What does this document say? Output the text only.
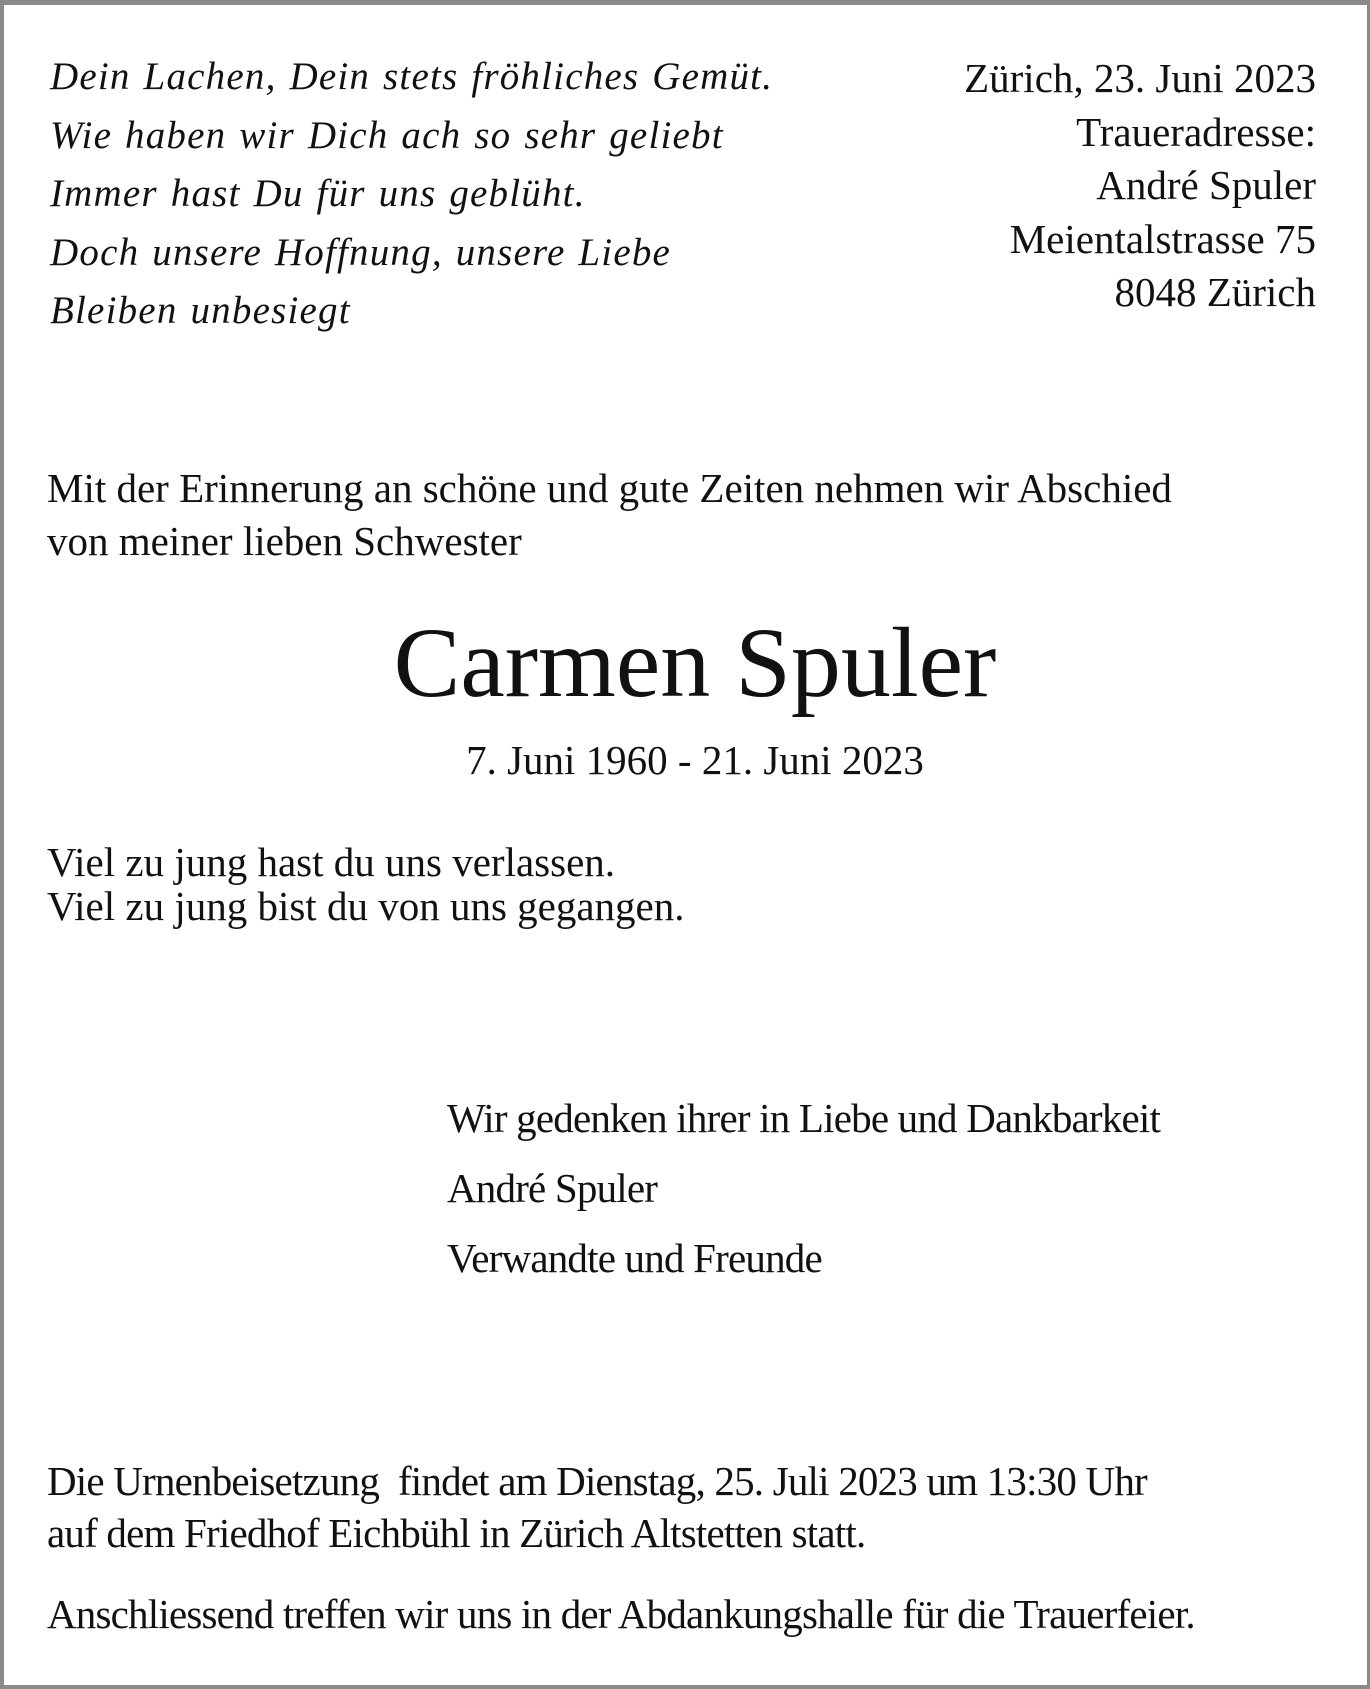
Dein Lachen, Dein stets fröhliches Gemüt.
Wie haben wir Dich ach so sehr geliebt
Immer hast Du für uns geblüht.
Doch unsere Hoffnung, unsere Liebe
Bleiben unbesiegt
Zürich, 23. Juni 2023
Traueradresse:
André Spuler
Meientalstrasse 75
8048 Zürich
Mit der Erinnerung an schöne und gute Zeiten nehmen wir Abschied
von meiner lieben Schwester
Carmen Spuler
7. Juni 1960 - 21. Juni 2023
Viel zu jung hast du uns verlassen.
Viel zu jung bist du von uns gegangen.
Wir gedenken ihrer in Liebe und Dankbarkeit
André Spuler
Verwandte und Freunde
Die Urnenbeisetzung  findet am Dienstag, 25. Juli 2023 um 13:30 Uhr
auf dem Friedhof Eichbühl in Zürich Altstetten statt.
Anschliessend treffen wir uns in der Abdankungshalle für die Trauerfeier.
